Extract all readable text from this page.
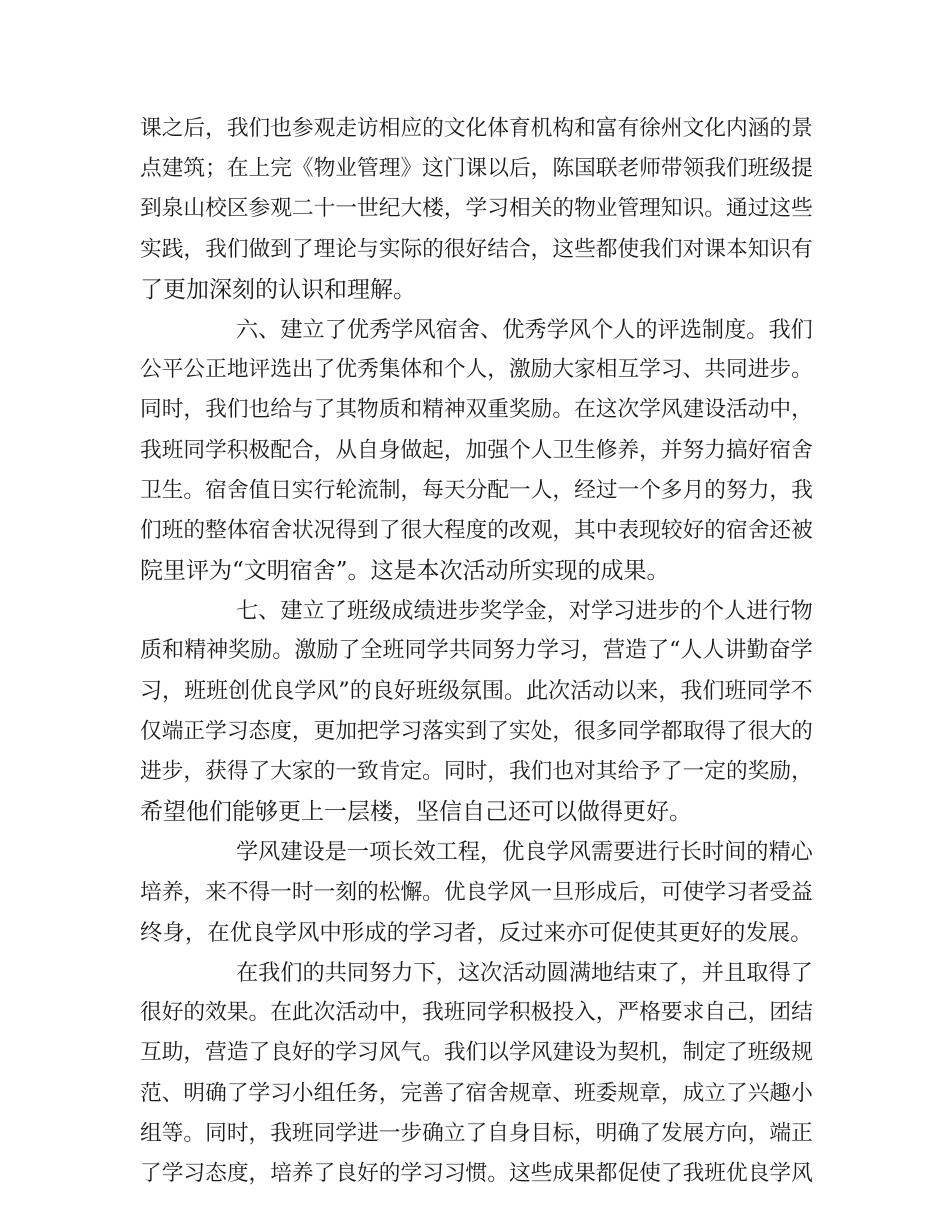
课之后，我们也参观走访相应的文化体育机构和富有徐州文化内涵的景
点建筑；在上完《物业管理》这门课以后，陈国联老师带领我们班级提
到泉山校区参观二十一世纪大楼，学习相关的物业管理知识。通过这些
实践，我们做到了理论与实际的很好结合，这些都使我们对课本知识有
了更加深刻的认识和理解。
六、建立了优秀学风宿舍、优秀学风个人的评选制度。我们
公平公正地评选出了优秀集体和个人，激励大家相互学习、共同进步。
同时，我们也给与了其物质和精神双重奖励。在这次学风建设活动中，
我班同学积极配合，从自身做起，加强个人卫生修养，并努力搞好宿舍
卫生。宿舍值日实行轮流制，每天分配一人，经过一个多月的努力，我
们班的整体宿舍状况得到了很大程度的改观，其中表现较好的宿舍还被
院里评为“文明宿舍”。这是本次活动所实现的成果。
七、建立了班级成绩进步奖学金，对学习进步的个人进行物
质和精神奖励。激励了全班同学共同努力学习，营造了“人人讲勤奋学
习，班班创优良学风”的良好班级氛围。此次活动以来，我们班同学不
仅端正学习态度，更加把学习落实到了实处，很多同学都取得了很大的
进步，获得了大家的一致肯定。同时，我们也对其给予了一定的奖励，
希望他们能够更上一层楼，坚信自己还可以做得更好。
学风建设是一项长效工程，优良学风需要进行长时间的精心
培养，来不得一时一刻的松懈。优良学风一旦形成后，可使学习者受益
终身，在优良学风中形成的学习者，反过来亦可促使其更好的发展。
在我们的共同努力下，这次活动圆满地结束了，并且取得了
很好的效果。在此次活动中，我班同学积极投入，严格要求自己，团结
互助，营造了良好的学习风气。我们以学风建设为契机，制定了班级规
范、明确了学习小组任务，完善了宿舍规章、班委规章，成立了兴趣小
组等。同时，我班同学进一步确立了自身目标，明确了发展方向，端正
了学习态度，培养了良好的学习习惯。这些成果都促使了我班优良学风
